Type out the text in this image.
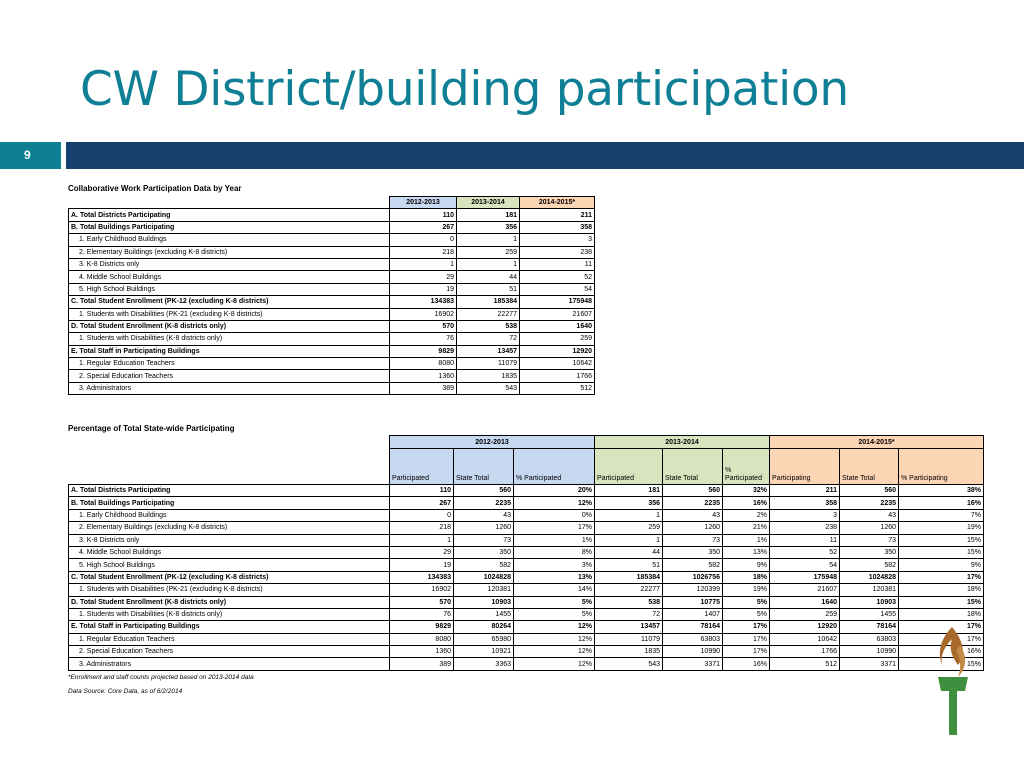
CW District/building participation
9

Collaborative Work Participation Data by Year

	2012-2013	2013-2014	2014-2015*
A. Total Districts Participating	110	181	211
B. Total Buildings Participating	267	356	358
1. Early Childhood Buildings	0	1	3
2. Elementary Buildings (excluding K-8 districts)	218	259	238
3. K-8 Districts only	1	1	11
4. Middle School Buildings	29	44	52
5. High School Buildings	19	51	54
C. Total Student Enrollment (PK-12 (excluding K-8 districts)	134383	185384	175948
1. Students with Disabilities (PK-21 (excluding K-8 districts)	16902	22277	21607
D. Total Student Enrollment (K-8 districts only)	570	538	1640
1. Students with Disabilities (K-8 districts only)	76	72	259
E. Total Staff in Participating Buildings	9829	13457	12920
1. Regular Education Teachers	8080	11079	10642
2. Special Education Teachers	1360	1835	1766
3. Administrators	389	543	512

Percentage of Total State-wide Participating

	2012-2013			2013-2014			2014-2015*		
	Participated	State Total	% Participated	Participated	State Total	% Participated	Participating	State Total	% Participating
A. Total Districts Participating	110	560	20%	181	560	32%	211	560	38%
B. Total Buildings Participating	267	2235	12%	356	2235	16%	358	2235	16%
1. Early Childhood Buildings	0	43	0%	1	43	2%	3	43	7%
2. Elementary Buildings (excluding K-8 districts)	218	1260	17%	259	1260	21%	238	1260	19%
3. K-8 Districts only	1	73	1%	1	73	1%	11	73	15%
4. Middle School Buildings	29	350	8%	44	350	13%	52	350	15%
5. High School Buildings	19	582	3%	51	582	9%	54	582	9%
C. Total Student Enrollment (PK-12 (excluding K-8 districts)	134383	1024828	13%	185384	1026756	18%	175948	1024828	17%
1. Students with Disabilities (PK-21 (excluding K-8 districts)	16902	120381	14%	22277	120399	19%	21607	120381	18%
D. Total Student Enrollment (K-8 districts only)	570	10903	5%	538	10775	5%	1640	10903	15%
1. Students with Disabilities (K-8 districts only)	76	1455	5%	72	1407	5%	259	1455	18%
E. Total Staff in Participating Buildings	9829	80264	12%	13457	78164	17%	12920	78164	17%
1. Regular Education Teachers	8080	65980	12%	11079	63803	17%	10642	63803	17%
2. Special Education Teachers	1360	10921	12%	1835	10990	17%	1766	10990	16%
3. Administrators	389	3363	12%	543	3371	16%	512	3371	15%

*Enrollment and staff counts projected based on 2013-2014 data

Data Source: Core Data, as of 6/2/2014
